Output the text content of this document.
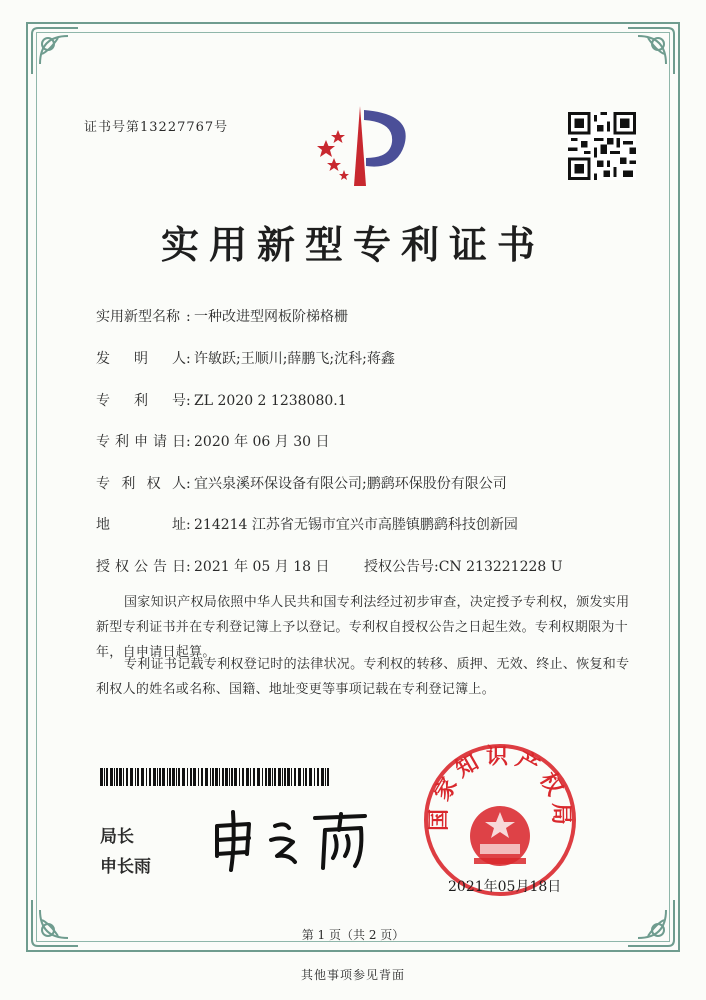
证书号第13227767号
实用新型专利证书
实用新型名称 : 一种改进型网板阶梯格栅
发明人: 许敏跃;王顺川;薛鹏飞;沈科;蒋鑫
专利号: ZL 2020 2 1238080.1
专利申请日: 2020 年 06 月 30 日
专利权人: 宜兴泉溪环保设备有限公司;鹏鹞环保股份有限公司
地址: 214214 江苏省无锡市宜兴市高塍镇鹏鹞科技创新园
授权公告日: 2021 年 05 月 18 日 授权公告号:CN 213221228 U
国家知识产权局依照中华人民共和国专利法经过初步审查，决定授予专利权，颁发实用新型专利证书并在专利登记簿上予以登记。专利权自授权公告之日起生效。专利权期限为十年，自申请日起算。
专利证书记载专利权登记时的法律状况。专利权的转移、质押、无效、终止、恢复和专利权人的姓名或名称、国籍、地址变更等事项记载在专利登记簿上。
局长
申长雨
国家知识产权局
2021年05月18日
第 1 页（共 2 页）
其他事项参见背面
